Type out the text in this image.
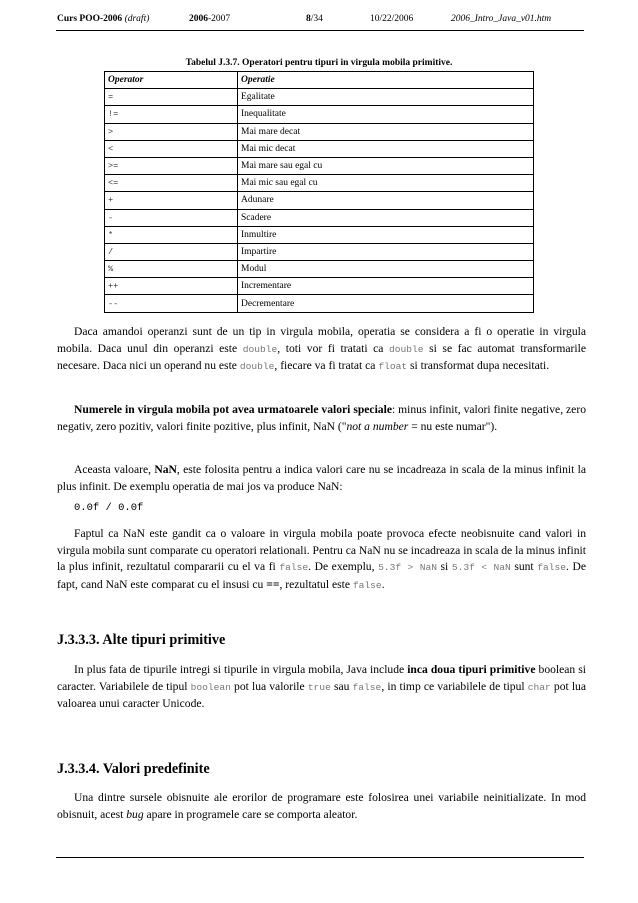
Curs POO-2006 (draft)	2006-2007	8/34	10/22/2006	2006_Intro_Java_v01.htm
Tabelul J.3.7. Operatori pentru tipuri in virgula mobila primitive.
Operator	Operatie
=	Egalitate
!=	Inequalitate
>	Mai mare decat
<	Mai mic decat
>=	Mai mare sau egal cu
<=	Mai mic sau egal cu
+	Adunare
-	Scadere
*	Inmultire
/	Impartire
%	Modul
++	Incrementare
--	Decrementare

Daca amandoi operanzi sunt de un tip in virgula mobila, operatia se considera a fi o operatie in virgula mobila. Daca unul din operanzi este double, toti vor fi tratati ca double si se fac automat transformarile necesare. Daca nici un operand nu este double, fiecare va fi tratat ca float si transformat dupa necesitati.

Numerele in virgula mobila pot avea urmatoarele valori speciale: minus infinit, valori finite negative, zero negativ, zero pozitiv, valori finite pozitive, plus infinit, NaN ("not a number = nu este numar").

Aceasta valoare, NaN, este folosita pentru a indica valori care nu se incadreaza in scala de la minus infinit la plus infinit. De exemplu operatia de mai jos va produce NaN:

0.0f / 0.0f

Faptul ca NaN este gandit ca o valoare in virgula mobila poate provoca efecte neobisnuite cand valori in virgula mobila sunt comparate cu operatori relationali. Pentru ca NaN nu se incadreaza in scala de la minus infinit la plus infinit, rezultatul compararii cu el va fi false. De exemplu, 5.3f > NaN si 5.3f < NaN sunt false. De fapt, cand NaN este comparat cu el insusi cu ==, rezultatul este false.

J.3.3.3. Alte tipuri primitive

In plus fata de tipurile intregi si tipurile in virgula mobila, Java include inca doua tipuri primitive boolean si caracter. Variabilele de tipul boolean pot lua valorile true sau false, in timp ce variabilele de tipul char pot lua valoarea unui caracter Unicode.

J.3.3.4. Valori predefinite

Una dintre sursele obisnuite ale erorilor de programare este folosirea unei variabile neinitializate. In mod obisnuit, acest bug apare in programele care se comporta aleator.
